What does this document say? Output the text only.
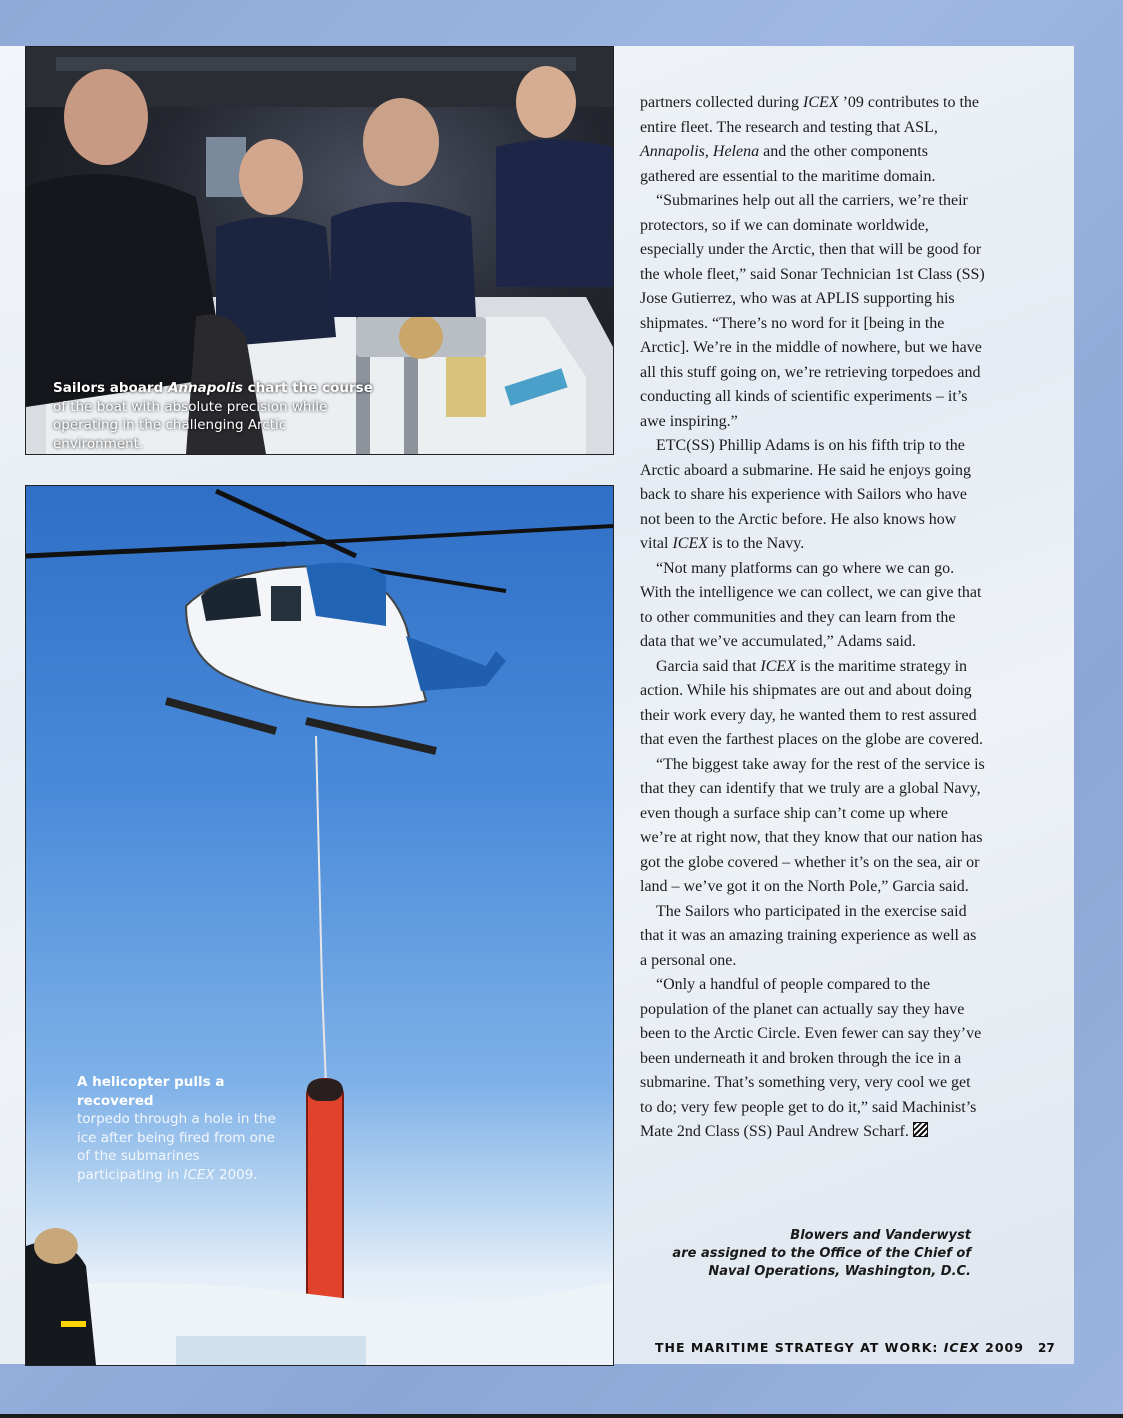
Sailors aboard Annapolis chart the course
of the boat with absolute precision while operating in the challenging Arctic environment.
A helicopter pulls a recovered
torpedo through a hole in the ice after being fired from one of the submarines participating in ICEX 2009.

partners collected during ICEX ’09 contributes to the entire fleet. The research and testing that ASL, Annapolis, Helena and the other components gathered are essential to the maritime domain.

“Submarines help out all the carriers, we’re their protectors, so if we can dominate worldwide, especially under the Arctic, then that will be good for the whole fleet,” said Sonar Technician 1st Class (SS) Jose Gutierrez, who was at APLIS supporting his shipmates. “There’s no word for it [being in the Arctic]. We’re in the middle of nowhere, but we have all this stuff going on, we’re retrieving torpedoes and conducting all kinds of scientific experiments – it’s awe inspiring.”

ETC(SS) Phillip Adams is on his fifth trip to the Arctic aboard a submarine. He said he enjoys going back to share his experience with Sailors who have not been to the Arctic before. He also knows how vital ICEX is to the Navy.

“Not many platforms can go where we can go. With the intelligence we can collect, we can give that to other communities and they can learn from the data that we’ve accumulated,” Adams said.

Garcia said that ICEX is the maritime strategy in action. While his shipmates are out and about doing their work every day, he wanted them to rest assured that even the farthest places on the globe are covered.

“The biggest take away for the rest of the service is that they can identify that we truly are a global Navy, even though a surface ship can’t come up where we’re at right now, that they know that our nation has got the globe covered – whether it’s on the sea, air or land – we’ve got it on the North Pole,” Garcia said.

The Sailors who participated in the exercise said that it was an amazing training experience as well as a personal one.

“Only a handful of people compared to the population of the planet can actually say they have been to the Arctic Circle. Even fewer can say they’ve been underneath it and broken through the ice in a submarine. That’s something very, very cool we get to do; very few people get to do it,” said Machinist’s Mate 2nd Class (SS) Paul Andrew Scharf.

Blowers and Vanderwyst
are assigned to the Office of the Chief of
Naval Operations, Washington, D.C.
THE MARITIME STRATEGY AT WORK: ICEX 2009 27
